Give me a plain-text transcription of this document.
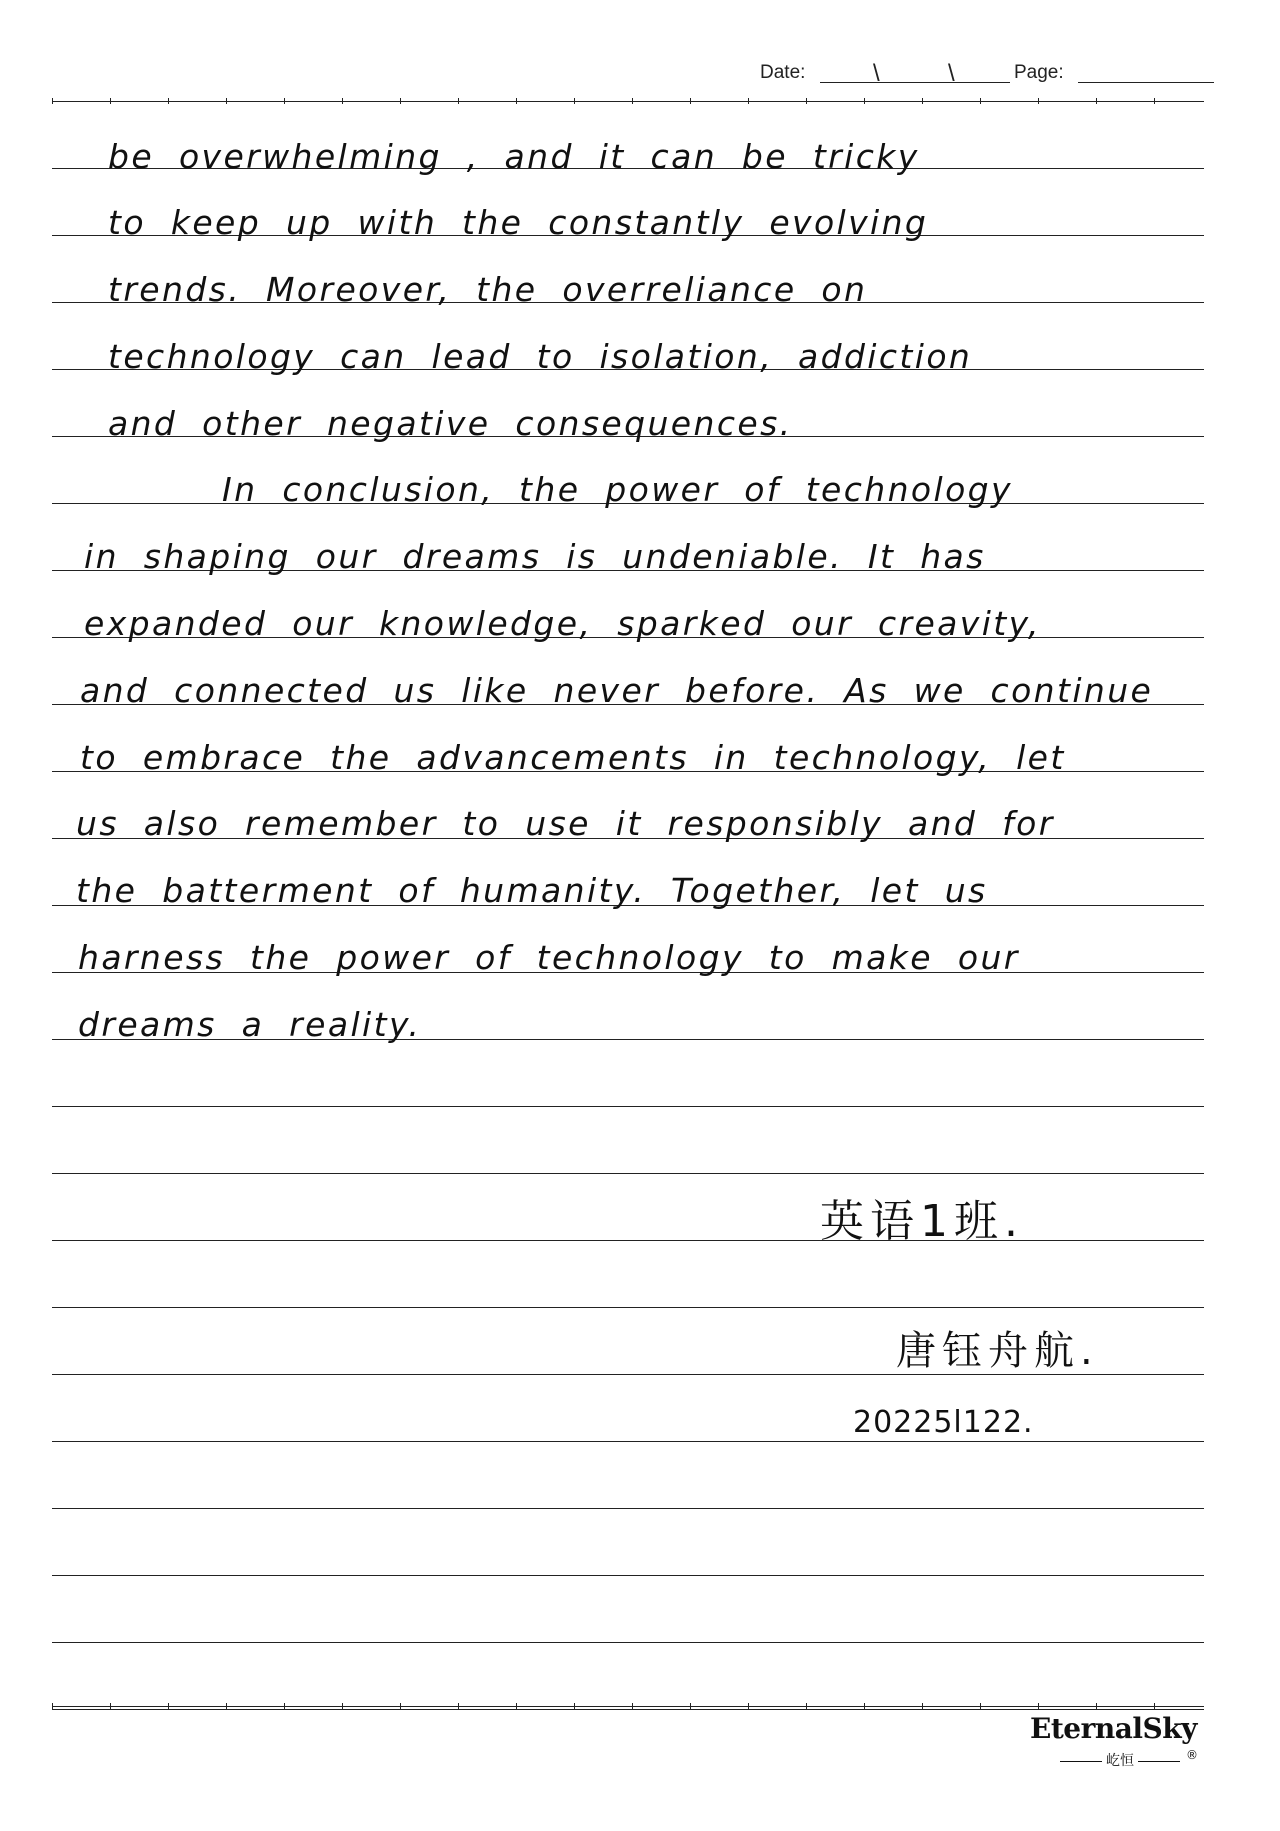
Date:	\	\	Page:
be overwhelming , and it can be tricky
to keep up with the constantly evolving
trends. Moreover, the overreliance on
technology can lead to isolation, addiction
and other negative consequences.
In conclusion, the power of technology
in shaping our dreams is undeniable. It has
expanded our knowledge, sparked our creavity,
and connected us like never before. As we continue
to embrace the advancements in technology, let
us also remember to use it responsibly and for
the batterment of humanity. Together, let us
harness the power of technology to make our
dreams a reality.
英语1班.
唐钰舟航.
20225l122.
EternalSky
屹恒	®
